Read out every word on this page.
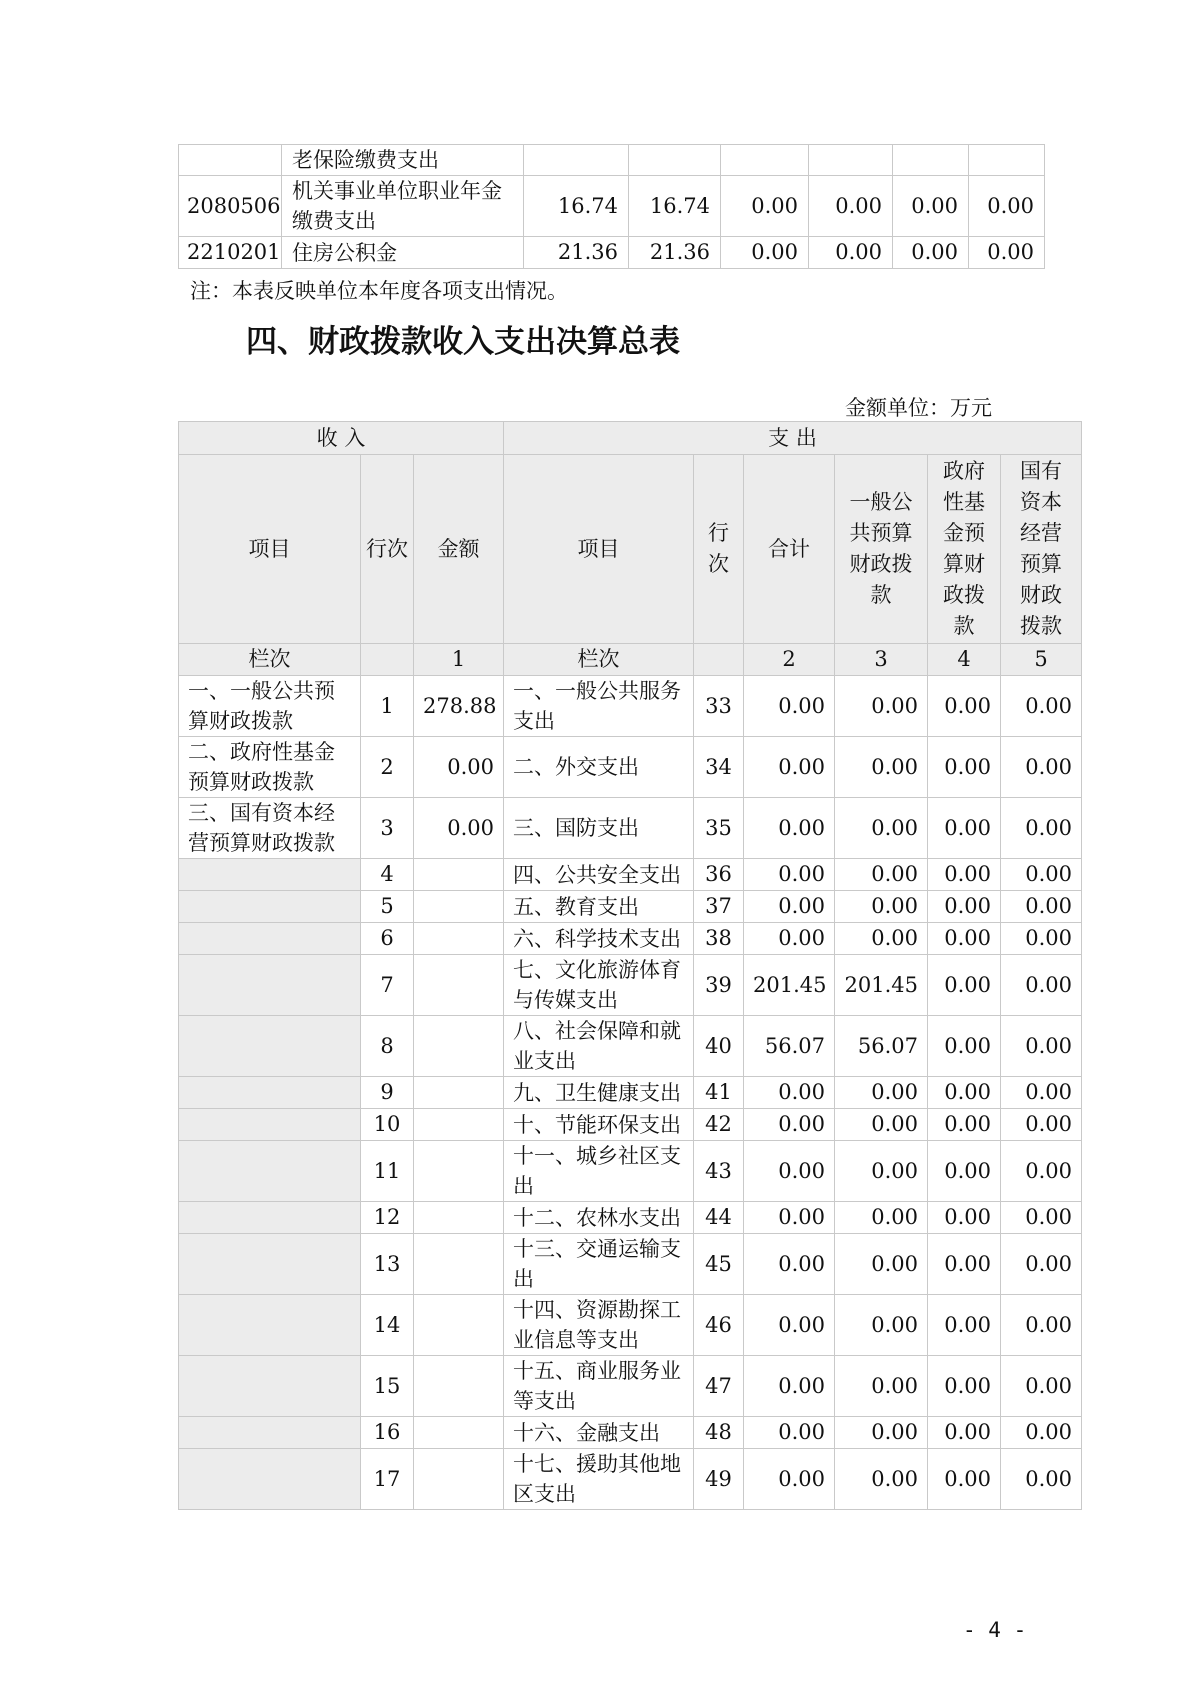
	老保险缴费支出						
2080506	机关事业单位职业年金缴费支出	16.74	16.74	0.00	0.00	0.00	0.00
2210201	住房公积金	21.36	21.36	0.00	0.00	0.00	0.00
注：本表反映单位本年度各项支出情况。
四、财政拨款收入支出决算总表
金额单位：万元
收 入			支 出					
项目	行次	金额	项目	行次	合计	一般公共预算财政拨款	政府性基金预算财政拨款	国有资本经营预算财政拨款
栏次		1	栏次		2	3	4	5
一、一般公共预算财政拨款	1	278.88	一、一般公共服务支出	33	0.00	0.00	0.00	0.00
二、政府性基金预算财政拨款	2	0.00	二、外交支出	34	0.00	0.00	0.00	0.00
三、国有资本经营预算财政拨款	3	0.00	三、国防支出	35	0.00	0.00	0.00	0.00
	4		四、公共安全支出	36	0.00	0.00	0.00	0.00
	5		五、教育支出	37	0.00	0.00	0.00	0.00
	6		六、科学技术支出	38	0.00	0.00	0.00	0.00
	7		七、文化旅游体育与传媒支出	39	201.45	201.45	0.00	0.00
	8		八、社会保障和就业支出	40	56.07	56.07	0.00	0.00
	9		九、卫生健康支出	41	0.00	0.00	0.00	0.00
	10		十、节能环保支出	42	0.00	0.00	0.00	0.00
	11		十一、城乡社区支出	43	0.00	0.00	0.00	0.00
	12		十二、农林水支出	44	0.00	0.00	0.00	0.00
	13		十三、交通运输支出	45	0.00	0.00	0.00	0.00
	14		十四、资源勘探工业信息等支出	46	0.00	0.00	0.00	0.00
	15		十五、商业服务业等支出	47	0.00	0.00	0.00	0.00
	16		十六、金融支出	48	0.00	0.00	0.00	0.00
	17		十七、援助其他地区支出	49	0.00	0.00	0.00	0.00
- 4 -
